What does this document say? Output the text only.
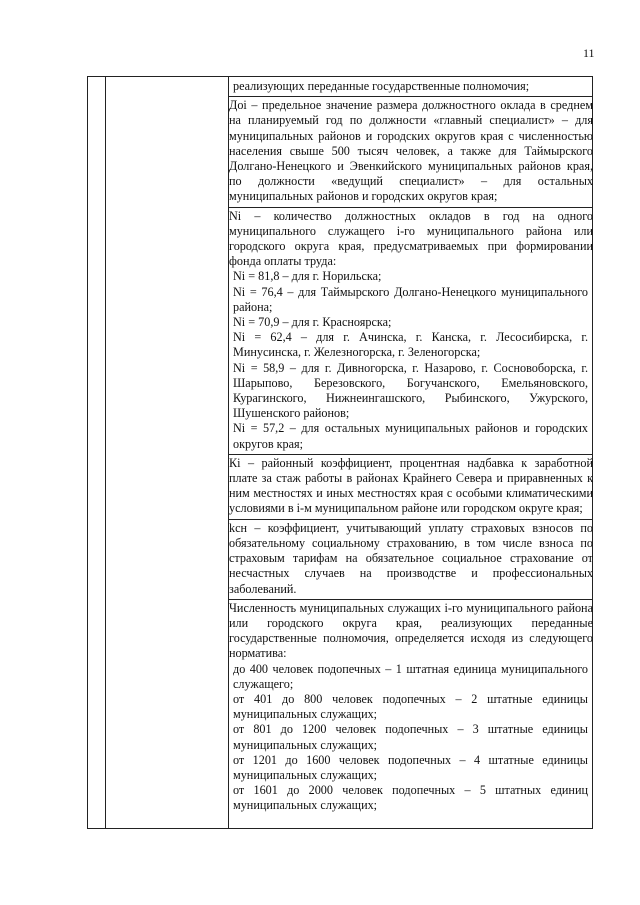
11
реализующих переданные государственные полномочия;
Доi – предельное значение размера должностного оклада в среднем на планируемый год по должности «главный специалист» – для муниципальных районов и городских округов края с численностью населения свыше 500 тысяч человек, а также для Таймырского Долгано-Ненецкого и Эвенкийского муниципальных районов края, по должности «ведущий специалист» – для остальных муниципальных районов и городских округов края;
Ni – количество должностных окладов в год на одного муниципального служащего i-го муниципального района или городского округа края, предусматриваемых при формировании фонда оплаты труда:
Ni = 81,8 – для г. Норильска;
Ni = 76,4 – для Таймырского Долгано-Ненецкого муниципального района;
Ni = 70,9 – для г. Красноярска;
Ni = 62,4 – для г. Ачинска, г. Канска, г. Лесосибирска, г. Минусинска, г. Железногорска, г. Зеленогорска;
Ni = 58,9 – для г. Дивногорска, г. Назарово, г. Сосновоборска, г. Шарыпово, Березовского, Богучанского, Емельяновского, Курагинского, Нижнеингашского, Рыбинского, Ужурского, Шушенского районов;
Ni = 57,2 – для остальных муниципальных районов и городских округов края;
Кi – районный коэффициент, процентная надбавка к заработной плате за стаж работы в районах Крайнего Севера и приравненных к ним местностях и иных местностях края с особыми климатическими условиями в i-м муниципальном районе или городском округе края;
kсн – коэффициент, учитывающий уплату страховых взносов по обязательному социальному страхованию, в том числе взноса по страховым тарифам на обязательное социальное страхование от несчастных случаев на производстве и профессиональных заболеваний.
Численность муниципальных служащих i-го муниципального района или городского округа края, реализующих переданные государственные полномочия, определяется исходя из следующего норматива:
до 400 человек подопечных – 1 штатная единица муниципального служащего;
от 401 до 800 человек подопечных – 2 штатные единицы муниципальных служащих;
от 801 до 1200 человек подопечных – 3 штатные единицы муниципальных служащих;
от 1201 до 1600 человек подопечных – 4 штатные единицы муниципальных служащих;
от 1601 до 2000 человек подопечных – 5 штатных единиц муниципальных служащих;
